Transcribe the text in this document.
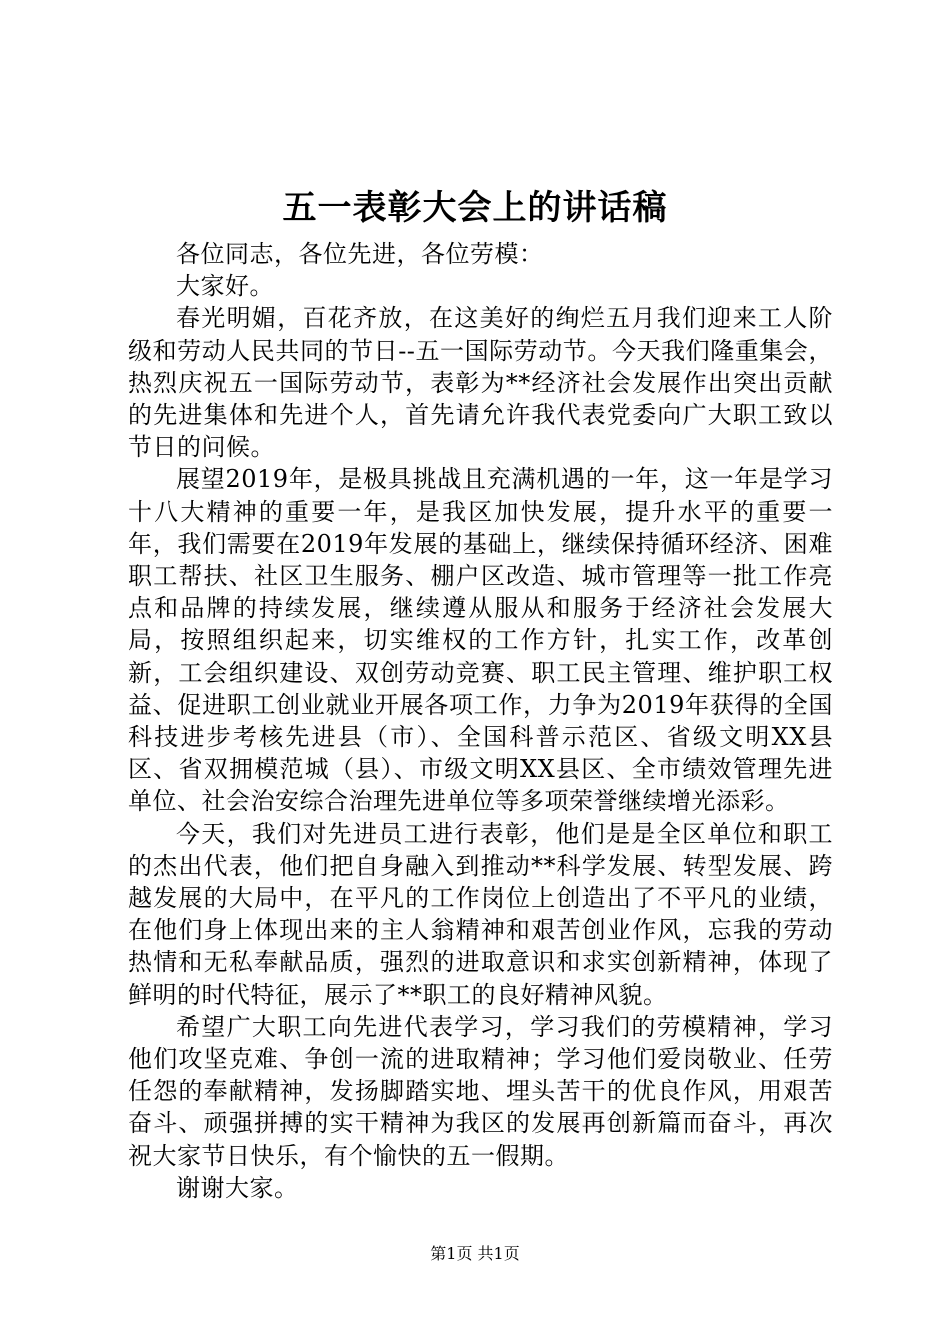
五一表彰大会上的讲话稿

各位同志，各位先进，各位劳模：

大家好。

春光明媚，百花齐放，在这美好的绚烂五月我们迎来工人阶级和劳动人民共同的节日--五一国际劳动节。今天我们隆重集会，热烈庆祝五一国际劳动节，表彰为**经济社会发展作出突出贡献的先进集体和先进个人，首先请允许我代表党委向广大职工致以节日的问候。

展望2019年，是极具挑战且充满机遇的一年，这一年是学习十八大精神的重要一年，是我区加快发展，提升水平的重要一年，我们需要在2019年发展的基础上，继续保持循环经济、困难职工帮扶、社区卫生服务、棚户区改造、城市管理等一批工作亮点和品牌的持续发展，继续遵从服从和服务于经济社会发展大局，按照组织起来，切实维权的工作方针，扎实工作，改革创新，工会组织建设、双创劳动竞赛、职工民主管理、维护职工权益、促进职工创业就业开展各项工作，力争为2019年获得的全国科技进步考核先进县（市）、全国科普示范区、省级文明XX县区、省双拥模范城（县）、市级文明XX县区、全市绩效管理先进单位、社会治安综合治理先进单位等多项荣誉继续增光添彩。

今天，我们对先进员工进行表彰，他们是是全区单位和职工的杰出代表，他们把自身融入到推动**科学发展、转型发展、跨越发展的大局中，在平凡的工作岗位上创造出了不平凡的业绩，在他们身上体现出来的主人翁精神和艰苦创业作风，忘我的劳动热情和无私奉献品质，强烈的进取意识和求实创新精神，体现了鲜明的时代特征，展示了**职工的良好精神风貌。

希望广大职工向先进代表学习，学习我们的劳模精神，学习他们攻坚克难、争创一流的进取精神；学习他们爱岗敬业、任劳任怨的奉献精神，发扬脚踏实地、埋头苦干的优良作风，用艰苦奋斗、顽强拼搏的实干精神为我区的发展再创新篇而奋斗，再次祝大家节日快乐，有个愉快的五一假期。

谢谢大家。

第1页 共1页
